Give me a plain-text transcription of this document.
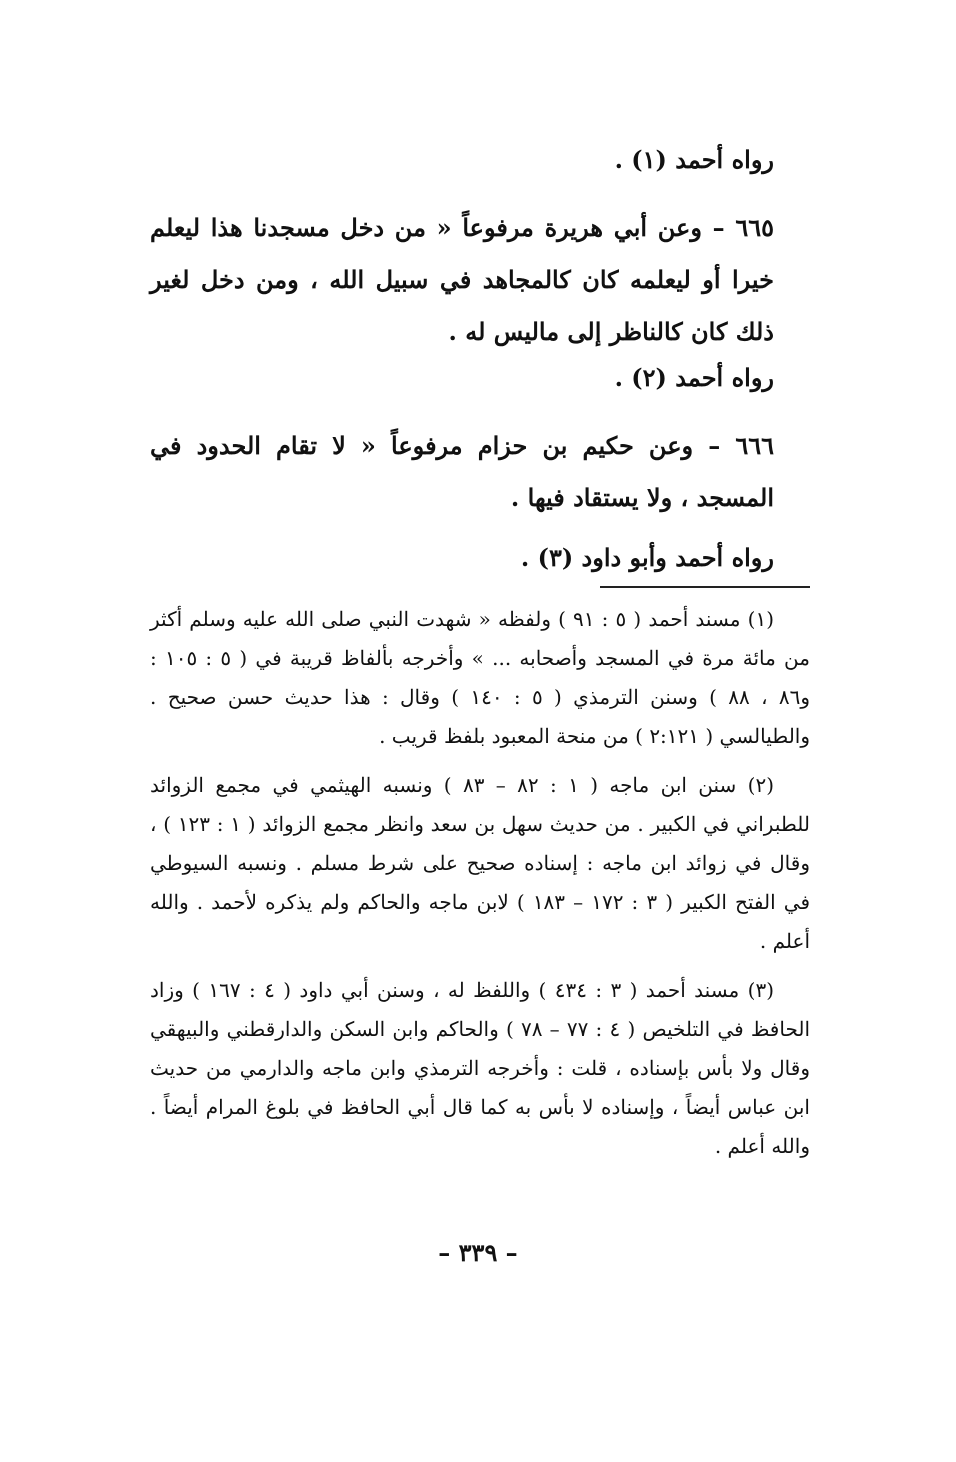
رواه أحمد (١) .

٦٦٥ – وعن أبي هريرة مرفوعاً « من دخل مسجدنا هذا ليعلم خيرا أو ليعلمه كان كالمجاهد في سبيل الله ، ومن دخل لغير ذلك كان كالناظر إلى ماليس له .

رواه أحمد (٢) .

٦٦٦ – وعن حكيم بن حزام مرفوعاً « لا تقام الحدود في المسجد ، ولا يستقاد فيها .

رواه أحمد وأبو داود (٣) .

(١) مسند أحمد ( ٥ : ٩١ ) ولفظه « شهدت النبي صلى الله عليه وسلم أكثر من مائة مرة في المسجد وأصحابه ... » وأخرجه بألفاظ قريبة في ( ٥ : ١٠٥ : و٨٦ ، ٨٨ ) وسنن الترمذي ( ٥ : ١٤٠ ) وقال : هذا حديث حسن صحيح . والطيالسي ( ٢:١٢١ ) من منحة المعبود بلفظ قريب .

(٢) سنن ابن ماجه ( ١ : ٨٢ – ٨٣ ) ونسبه الهيثمي في مجمع الزوائد للطبراني في الكبير . من حديث سهل بن سعد وانظر مجمع الزوائد ( ١ : ١٢٣ ) ، وقال في زوائد ابن ماجه : إسناده صحيح على شرط مسلم . ونسبه السيوطي في الفتح الكبير ( ٣ : ١٧٢ – ١٨٣ ) لابن ماجه والحاكم ولم يذكره لأحمد . والله أعلم .

(٣) مسند أحمد ( ٣ : ٤٣٤ ) واللفظ له ، وسنن أبي داود ( ٤ : ١٦٧ ) وزاد الحافظ في التلخيص ( ٤ : ٧٧ – ٧٨ ) والحاكم وابن السكن والدارقطني والبيهقي وقال ولا بأس بإسناده ، قلت : وأخرجه الترمذي وابن ماجه والدارمي من حديث ابن عباس أيضاً ، وإسناده لا بأس به كما قال أبي الحافظ في بلوغ المرام أيضاً . والله أعلم .

– ٣٣٩ –
